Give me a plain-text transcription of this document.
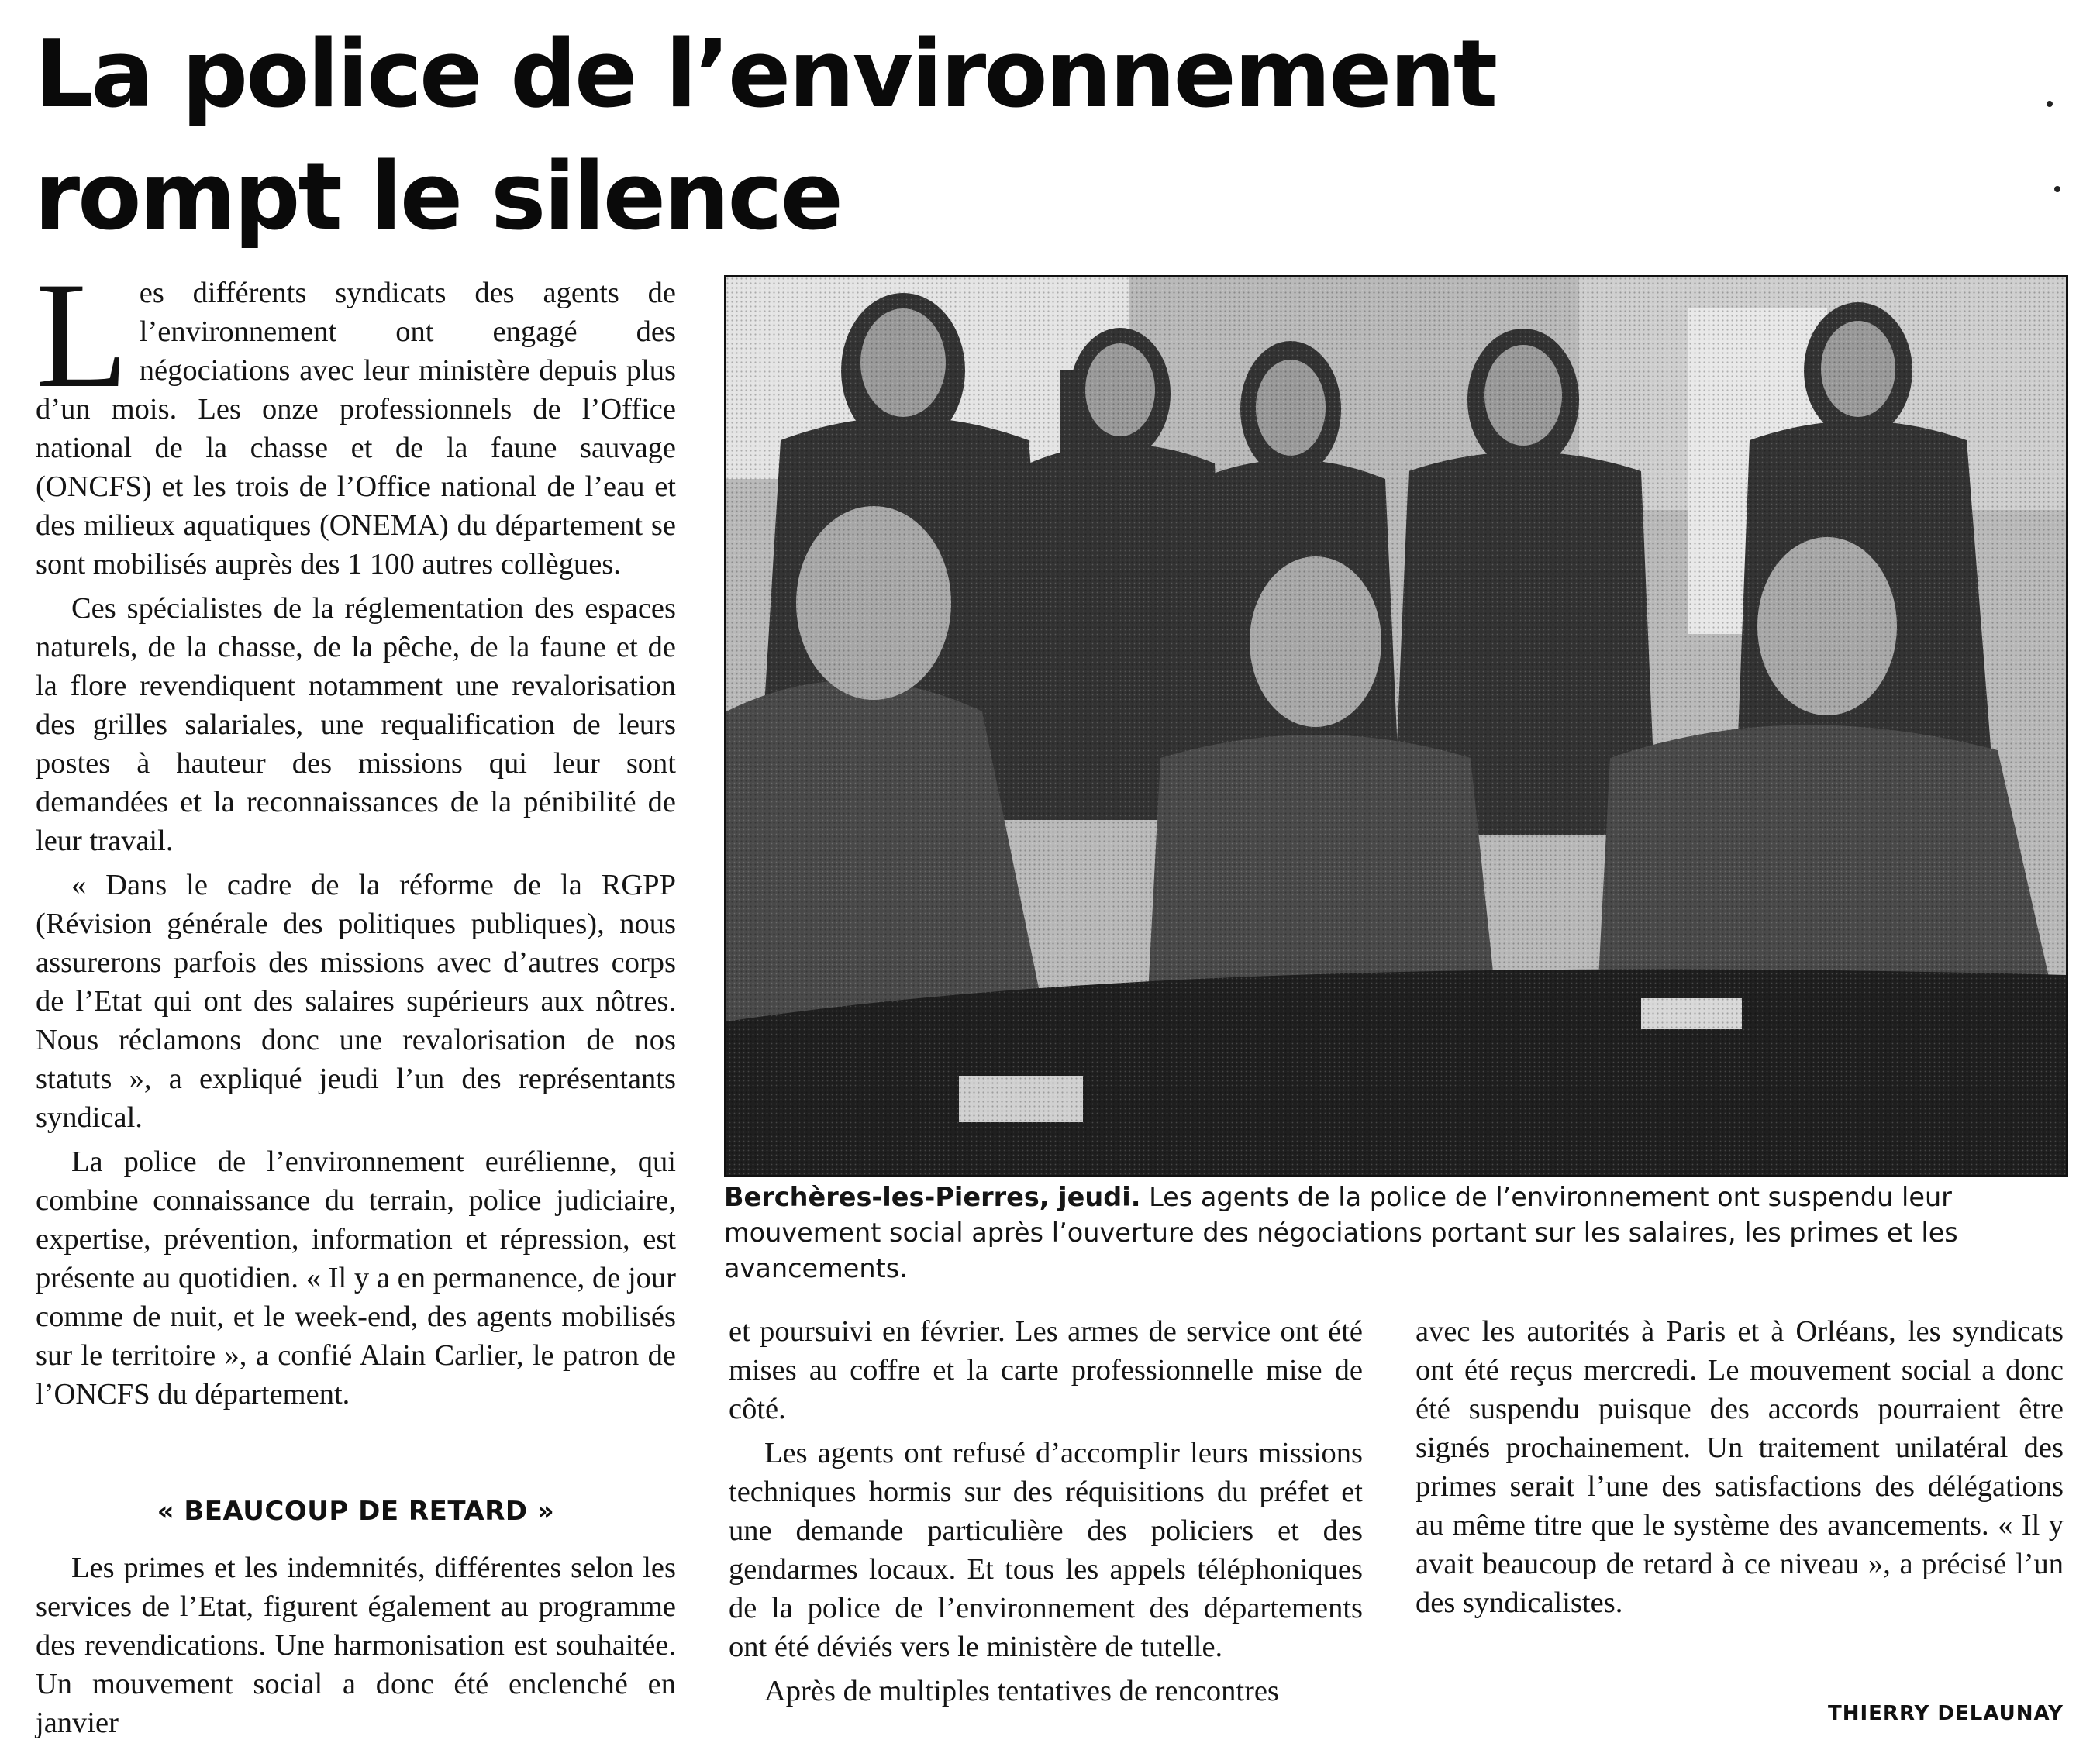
La police de l’environnement
rompt le silence

Les différents syndicats des agents de l’environnement ont engagé des négociations avec leur ministère depuis plus d’un mois. Les onze professionnels de l’Office national de la chasse et de la faune sauvage (ONCFS) et les trois de l’Office national de l’eau et des milieux aquatiques (ONEMA) du département se sont mobilisés auprès des 1 100 autres collègues.

Ces spécialistes de la réglementation des espaces naturels, de la chasse, de la pêche, de la faune et de la flore revendiquent notamment une revalorisation des grilles salariales, une requalification de leurs postes à hauteur des missions qui leur sont demandées et la reconnaissances de la pénibilité de leur travail.

« Dans le cadre de la réforme de la RGPP (Révision générale des politiques publiques), nous assurerons parfois des missions avec d’autres corps de l’Etat qui ont des salaires supérieurs aux nôtres. Nous réclamons donc une revalorisation de nos statuts », a expliqué jeudi l’un des représentants syndical.

La police de l’environnement eurélienne, qui combine connaissance du terrain, police judiciaire, expertise, prévention, information et répression, est présente au quotidien. « Il y a en permanence, de jour comme de nuit, et le week-end, des agents mobilisés sur le territoire », a confié Alain Carlier, le patron de l’ONCFS du département.

« BEAUCOUP DE RETARD »

Les primes et les indemnités, différentes selon les services de l’Etat, figurent également au programme des revendications. Une harmonisation est souhaitée. Un mouvement social a donc été enclenché en janvier

Berchères-les-Pierres, jeudi. Les agents de la police de l’environnement ont suspendu leur mouvement social après l’ouverture des négociations portant sur les salaires, les primes et les avancements.

et poursuivi en février. Les armes de service ont été mises au coffre et la carte professionnelle mise de côté.

Les agents ont refusé d’accomplir leurs missions techniques hormis sur des réquisitions du préfet et une demande particulière des policiers et des gendarmes locaux. Et tous les appels téléphoniques de la police de l’environnement des départements ont été déviés vers le ministère de tutelle.

Après de multiples tentatives de rencontres

avec les autorités à Paris et à Orléans, les syndicats ont été reçus mercredi. Le mouvement social a donc été suspendu puisque des accords pourraient être signés prochainement. Un traitement unilatéral des primes serait l’une des satisfactions des délégations au même titre que le système des avancements. « Il y avait beaucoup de retard à ce niveau », a précisé l’un des syndicalistes.

THIERRY DELAUNAY
